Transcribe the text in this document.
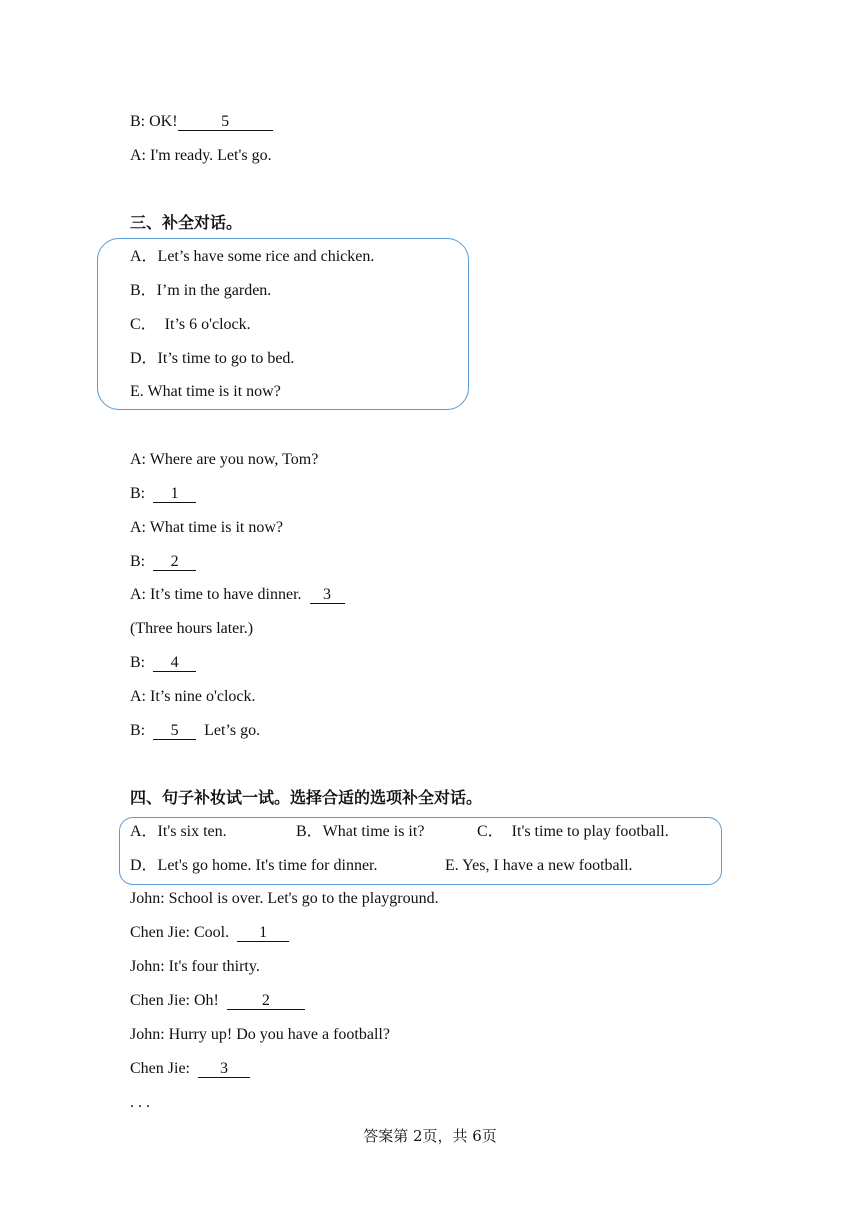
B: OK!	5
A: I'm ready. Let's go.
三、补全对话。
A．Let’s have some rice and chicken.
B．I’m in the garden.
C．  It’s 6 o'clock.
D．It’s time to go to bed.
E. What time is it now?
A: Where are you now, Tom?
B: 1
A: What time is it now?
B: 2
A: It’s time to have dinner. 3
(Three hours later.)
B: 4
A: It’s nine o'clock.
B: 5 Let’s go.
四、句子补妆试一试。选择合适的选项补全对话。
A．It's six ten.	B．What time is it?	C．  It's time to play football.
D．Let's go home. It's time for dinner.	E. Yes, I have a new football.
John: School is over. Let's go to the playground.
Chen Jie: Cool. 1
John: It's four thirty.
Chen Jie: Oh!	2
John: Hurry up! Do you have a football?
Chen Jie: 3
. . .
答案第 2页，共 6页
